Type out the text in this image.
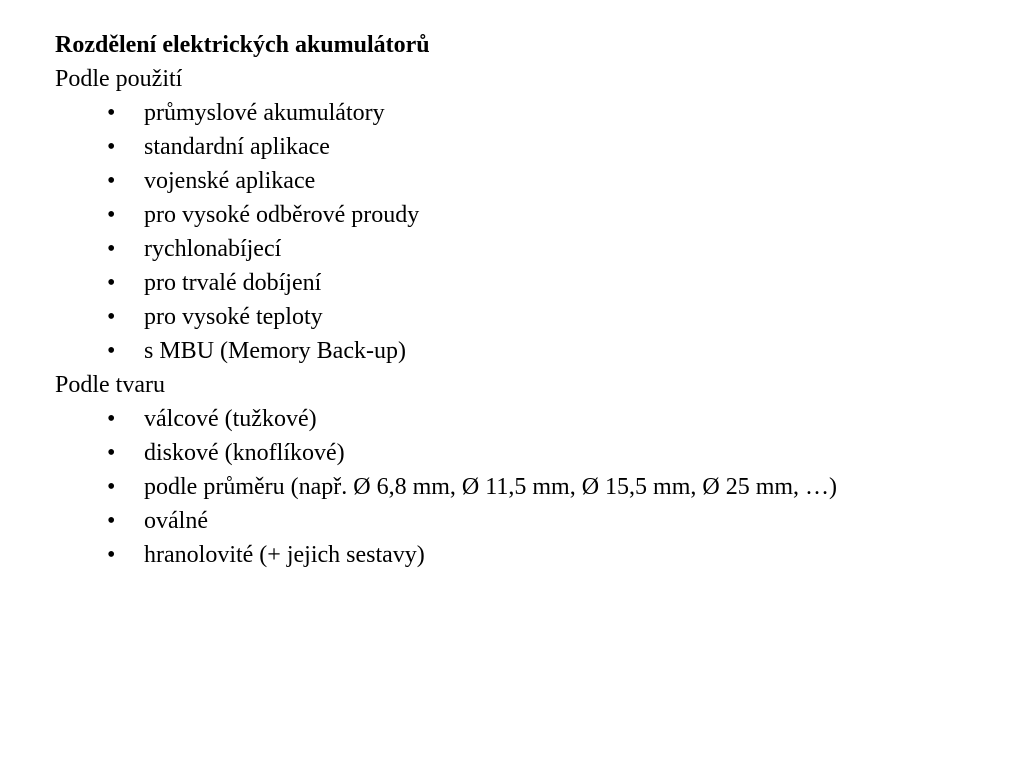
Rozdělení elektrických akumulátorů
Podle použití
• průmyslové akumulátory
• standardní aplikace
• vojenské aplikace
• pro vysoké odběrové proudy
• rychlonabíjecí
• pro trvalé dobíjení
• pro vysoké teploty
• s MBU (Memory Back-up)
Podle tvaru
• válcové (tužkové)
• diskové (knoflíkové)
• podle průměru (např. Ø 6,8 mm, Ø 11,5 mm, Ø 15,5 mm, Ø 25 mm, …)
• oválné
• hranolovité (+ jejich sestavy)
